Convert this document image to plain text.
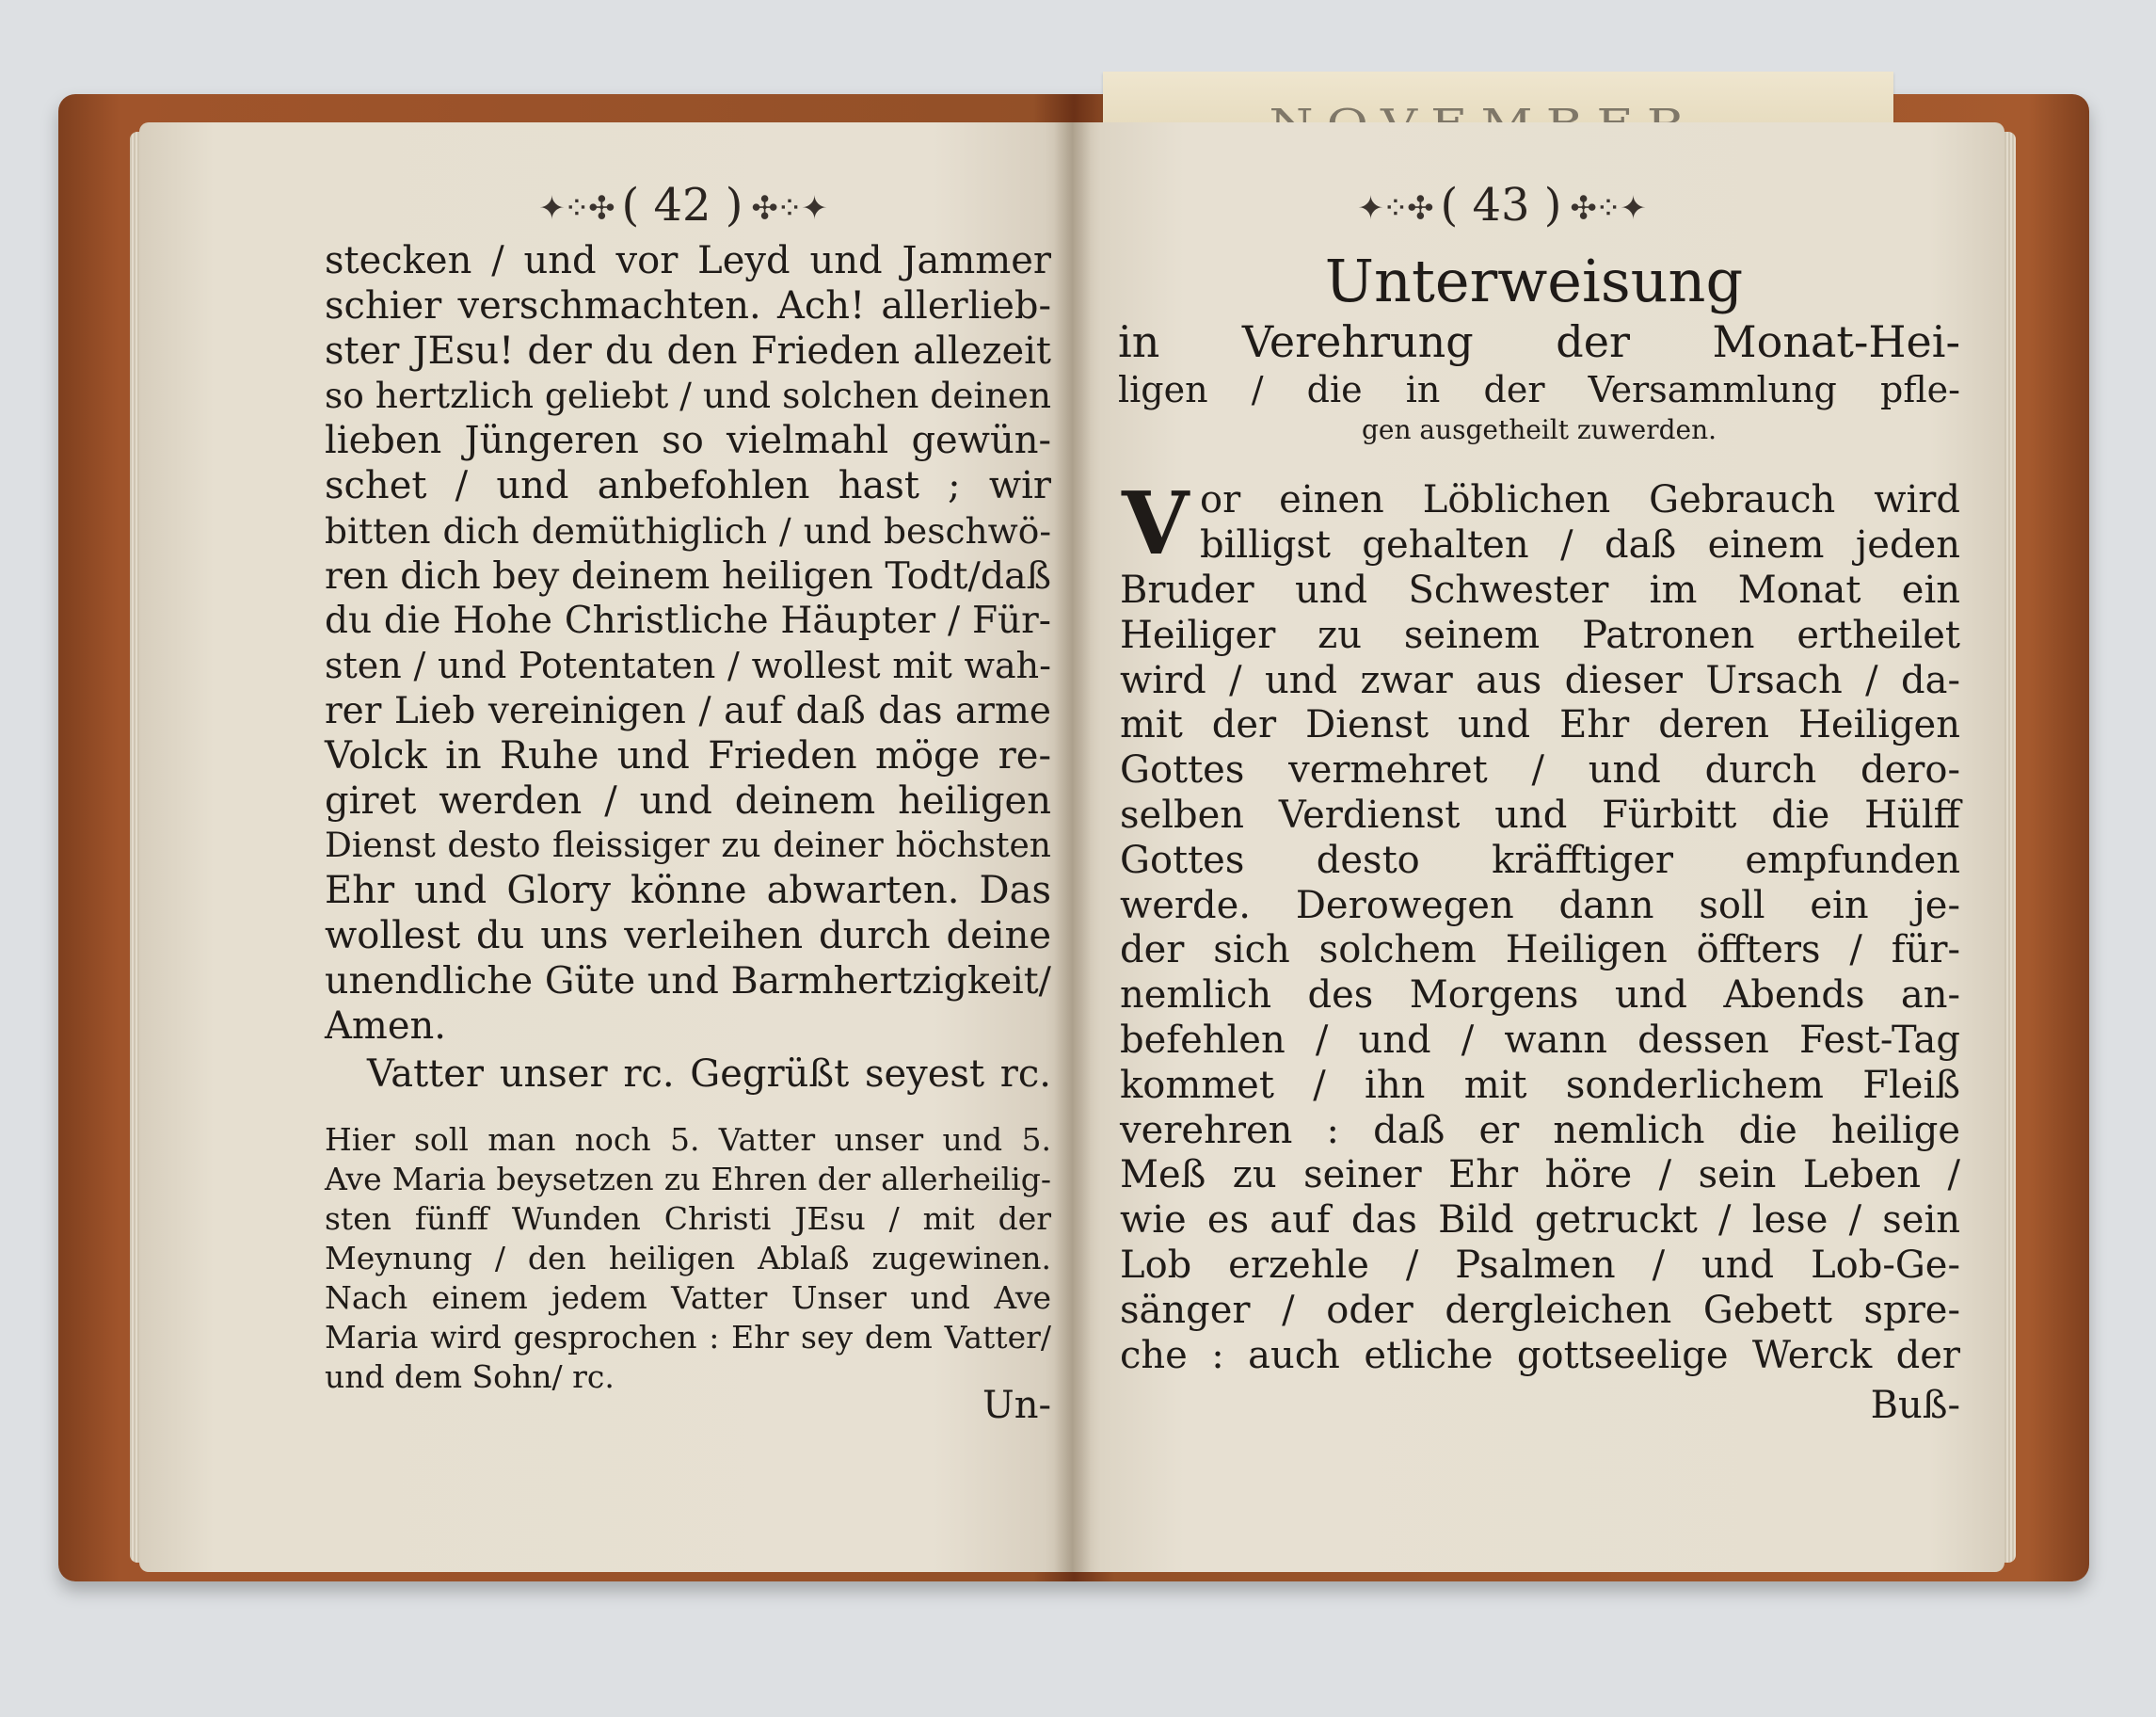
✦⁘✣ ( 42 ) ✣⁘✦
stecken / und vor Leyd und Jammer
schier verschmachten. Ach! allerlieb-
ster JEsu! der du den Frieden allezeit
so hertzlich geliebt / und solchen deinen
lieben Jüngeren so vielmahl gewün-
schet / und anbefohlen hast ; wir
bitten dich demüthiglich / und beschwö-
ren dich bey deinem heiligen Todt/daß
du die Hohe Christliche Häupter / Für-
sten / und Potentaten / wollest mit wah-
rer Lieb vereinigen / auf daß das arme
Volck in Ruhe und Frieden möge re-
giret werden / und deinem heiligen
Dienst desto fleissiger zu deiner höchsten
Ehr und Glory könne abwarten. Das
wollest du uns verleihen durch deine
unendliche Güte und Barmhertzigkeit/
Amen.
Vatter unser rc. Gegrüßt seyest rc.
Hier soll man noch 5. Vatter unser und 5.
Ave Maria beysetzen zu Ehren der allerheilig-
sten fünff Wunden Christi JEsu / mit der
Meynung / den heiligen Ablaß zugewinen.
Nach einem jedem Vatter Unser und Ave
Maria wird gesprochen : Ehr sey dem Vatter/
und dem Sohn/ rc.
Un-
✦⁘✣ ( 43 ) ✣⁘✦
Unterweisung
in Verehrung der Monat-Hei-
ligen / die in der Versammlung pfle-
gen ausgetheilt zuwerden.
V or einen Löblichen Gebrauch wird
billigst gehalten / daß einem jeden
Bruder und Schwester im Monat ein
Heiliger zu seinem Patronen ertheilet
wird / und zwar aus dieser Ursach / da-
mit der Dienst und Ehr deren Heiligen
Gottes vermehret / und durch dero-
selben Verdienst und Fürbitt die Hülff
Gottes desto kräfftiger empfunden
werde. Derowegen dann soll ein je-
der sich solchem Heiligen öffters / für-
nemlich des Morgens und Abends an-
befehlen / und / wann dessen Fest-Tag
kommet / ihn mit sonderlichem Fleiß
verehren : daß er nemlich die heilige
Meß zu seiner Ehr höre / sein Leben /
wie es auf das Bild getruckt / lese / sein
Lob erzehle / Psalmen / und Lob-Ge-
sänger / oder dergleichen Gebett spre-
che : auch etliche gottseelige Werck der
Buß-
